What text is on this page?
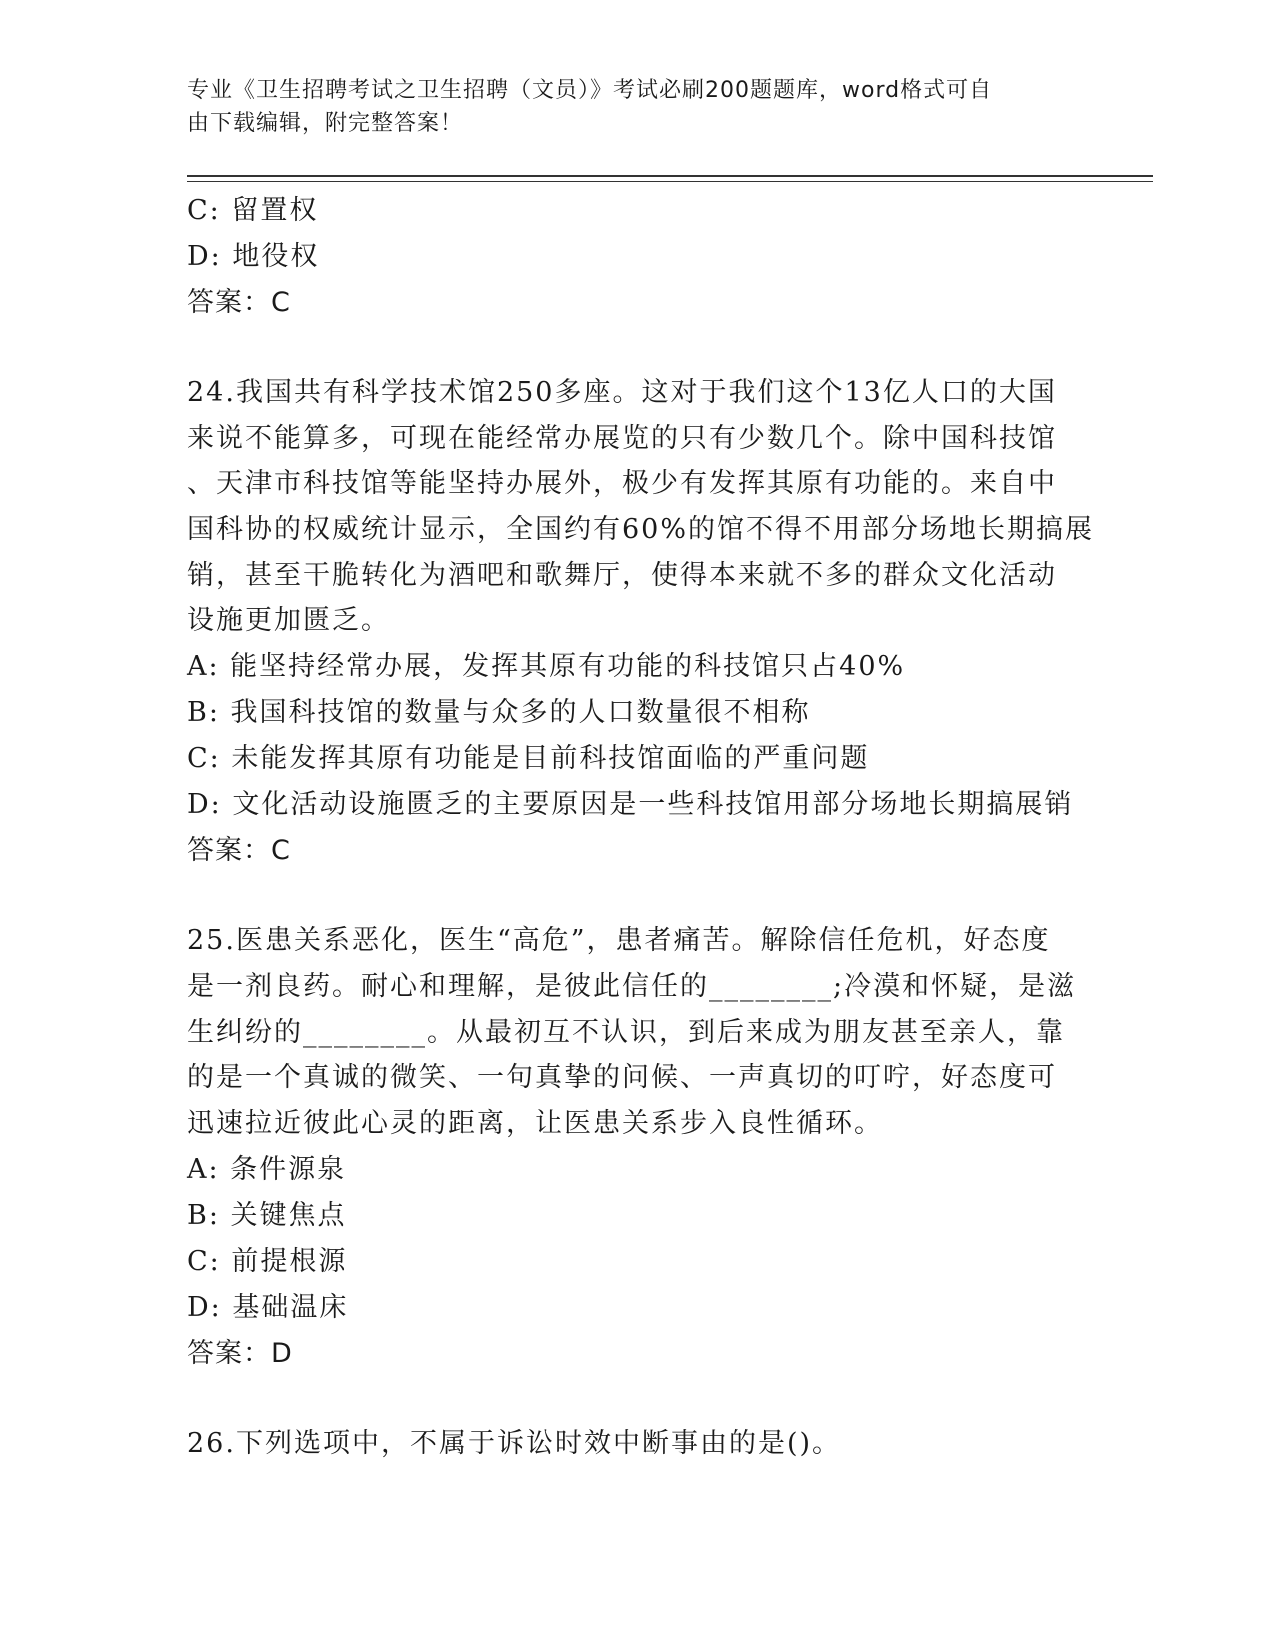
专业《卫生招聘考试之卫生招聘（文员）》考试必刷200题题库，word格式可自
由下载编辑，附完整答案！
C: 留置权
D: 地役权
答案：C
24.我国共有科学技术馆250多座。这对于我们这个13亿人口的大国
来说不能算多，可现在能经常办展览的只有少数几个。除中国科技馆
、天津市科技馆等能坚持办展外，极少有发挥其原有功能的。来自中
国科协的权威统计显示，全国约有60%的馆不得不用部分场地长期搞展
销，甚至干脆转化为酒吧和歌舞厅，使得本来就不多的群众文化活动
设施更加匮乏。
A: 能坚持经常办展，发挥其原有功能的科技馆只占40%
B: 我国科技馆的数量与众多的人口数量很不相称
C: 未能发挥其原有功能是目前科技馆面临的严重问题
D: 文化活动设施匮乏的主要原因是一些科技馆用部分场地长期搞展销
答案：C
25.医患关系恶化，医生“高危”，患者痛苦。解除信任危机，好态度
是一剂良药。耐心和理解，是彼此信任的________;冷漠和怀疑，是滋
生纠纷的________。从最初互不认识，到后来成为朋友甚至亲人，靠
的是一个真诚的微笑、一句真挚的问候、一声真切的叮咛，好态度可
迅速拉近彼此心灵的距离，让医患关系步入良性循环。
A: 条件源泉
B: 关键焦点
C: 前提根源
D: 基础温床
答案：D
26.下列选项中，不属于诉讼时效中断事由的是()。
